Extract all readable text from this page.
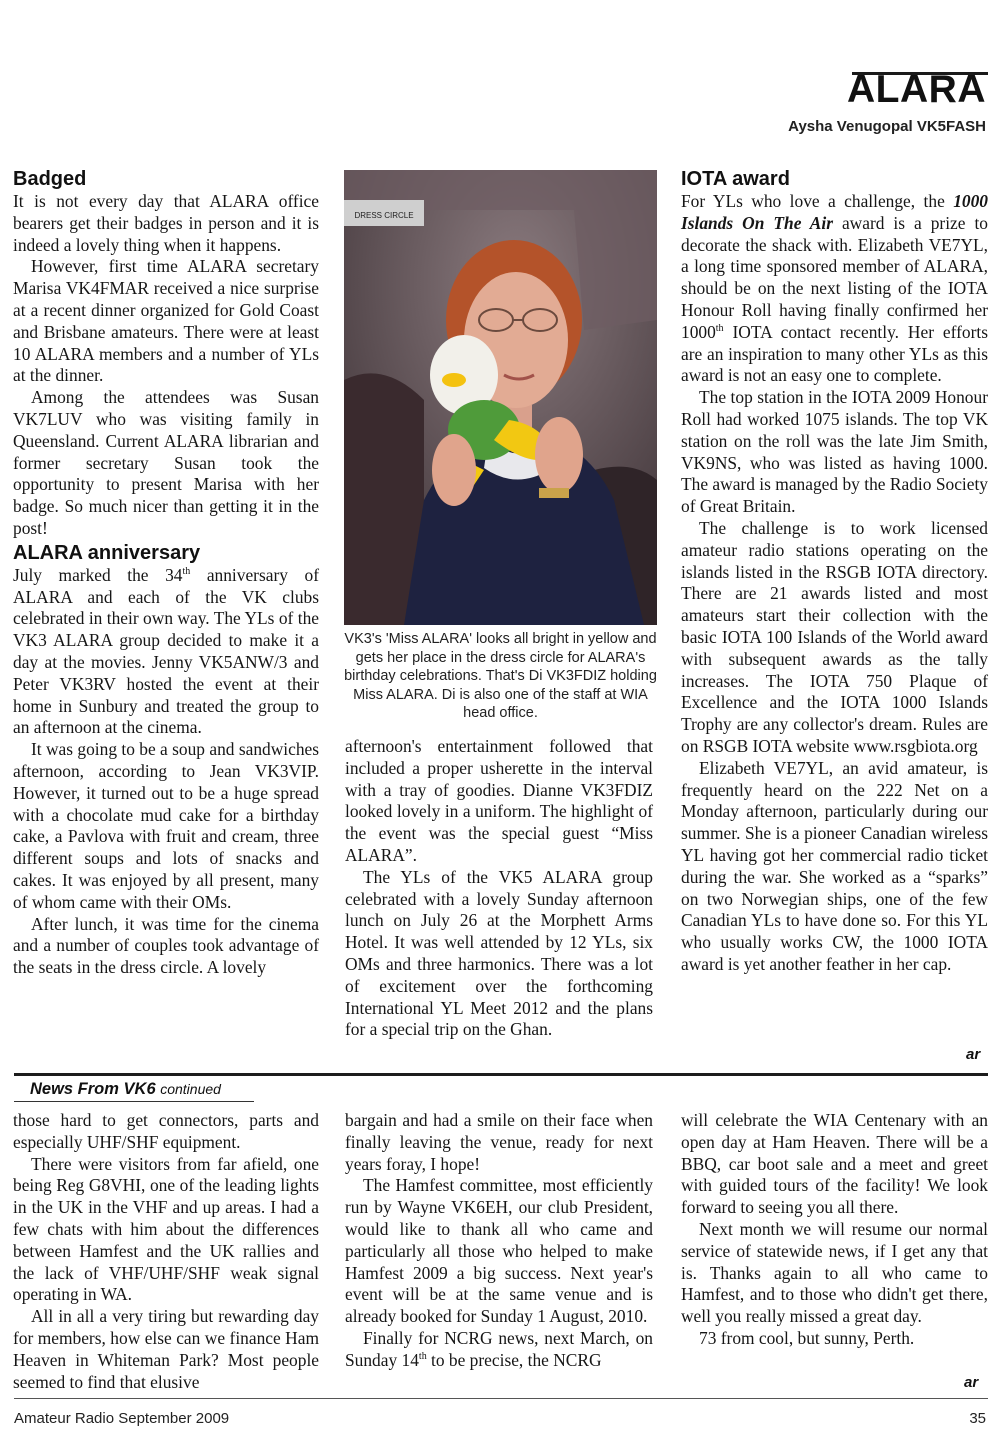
ALARA
Aysha Venugopal VK5FASH
Badged

It is not every day that ALARA office bearers get their badges in person and it is indeed a lovely thing when it happens.

However, first time ALARA secretary Marisa VK4FMAR received a nice surprise at a recent dinner organized for Gold Coast and Brisbane amateurs. There were at least 10 ALARA members and a number of YLs at the dinner.

Among the attendees was Susan VK7LUV who was visiting family in Queensland. Current ALARA librarian and former secretary Susan took the opportunity to present Marisa with her badge. So much nicer than getting it in the post!

ALARA anniversary

July marked the 34th anniversary of ALARA and each of the VK clubs celebrated in their own way. The YLs of the VK3 ALARA group decided to make it a day at the movies. Jenny VK5ANW/3 and Peter VK3RV hosted the event at their home in Sunbury and treated the group to an afternoon at the cinema.

It was going to be a soup and sandwiches afternoon, according to Jean VK3VIP. However, it turned out to be a huge spread with a chocolate mud cake for a birthday cake, a Pavlova with fruit and cream, three different soups and lots of snacks and cakes. It was enjoyed by all present, many of whom came with their OMs.

After lunch, it was time for the cinema and a number of couples took advantage of the seats in the dress circle. A lovely

DRESS CIRCLE
VK3's 'Miss ALARA' looks all bright in yellow and gets her place in the dress circle for ALARA's birthday celebrations. That's Di VK3FDIZ holding Miss ALARA. Di is also one of the staff at WIA head office.

afternoon's entertainment followed that included a proper usherette in the interval with a tray of goodies. Dianne VK3FDIZ looked lovely in a uniform. The highlight of the event was the special guest “Miss ALARA”.

The YLs of the VK5 ALARA group celebrated with a lovely Sunday afternoon lunch on July 26 at the Morphett Arms Hotel. It was well attended by 12 YLs, six OMs and three harmonics. There was a lot of excitement over the forthcoming International YL Meet 2012 and the plans for a special trip on the Ghan.

IOTA award

For YLs who love a challenge, the 1000 Islands On The Air award is a prize to decorate the shack with. Elizabeth VE7YL, a long time sponsored member of ALARA, should be on the next listing of the IOTA Honour Roll having finally confirmed her 1000th IOTA contact recently. Her efforts are an inspiration to many other YLs as this award is not an easy one to complete.

The top station in the IOTA 2009 Honour Roll had worked 1075 islands. The top VK station on the roll was the late Jim Smith, VK9NS, who was listed as having 1000. The award is managed by the Radio Society of Great Britain.

The challenge is to work licensed amateur radio stations operating on the islands listed in the RSGB IOTA directory. There are 21 awards listed and most amateurs start their collection with the basic IOTA 100 Islands of the World award with subsequent awards as the tally increases. The IOTA 750 Plaque of Excellence and the IOTA 1000 Islands Trophy are any collector's dream. Rules are on RSGB IOTA website www.rsgbiota.org

Elizabeth VE7YL, an avid amateur, is frequently heard on the 222 Net on a Monday afternoon, particularly during our summer. She is a pioneer Canadian wireless YL having got her commercial radio ticket during the war. She worked as a “sparks” on two Norwegian ships, one of the few Canadian YLs to have done so. For this YL who usually works CW, the 1000 IOTA award is yet another feather in her cap.

ar
News From VK6 continued

those hard to get connectors, parts and especially UHF/SHF equipment.

There were visitors from far afield, one being Reg G8VHI, one of the leading lights in the UK in the VHF and up areas. I had a few chats with him about the differences between Hamfest and the UK rallies and the lack of VHF/UHF/SHF weak signal operating in WA.

All in all a very tiring but rewarding day for members, how else can we finance Ham Heaven in Whiteman Park? Most people seemed to find that elusive

bargain and had a smile on their face when finally leaving the venue, ready for next years foray, I hope!

The Hamfest committee, most efficiently run by Wayne VK6EH, our club President, would like to thank all who came and particularly all those who helped to make Hamfest 2009 a big success. Next year's event will be at the same venue and is already booked for Sunday 1 August, 2010.

Finally for NCRG news, next March, on Sunday 14th to be precise, the NCRG

will celebrate the WIA Centenary with an open day at Ham Heaven. There will be a BBQ, car boot sale and a meet and greet with guided tours of the facility! We look forward to seeing you all there.

Next month we will resume our normal service of statewide news, if I get any that is. Thanks again to all who came to Hamfest, and to those who didn't get there, well you really missed a great day.

73 from cool, but sunny, Perth.

ar
Amateur Radio September 2009	35
